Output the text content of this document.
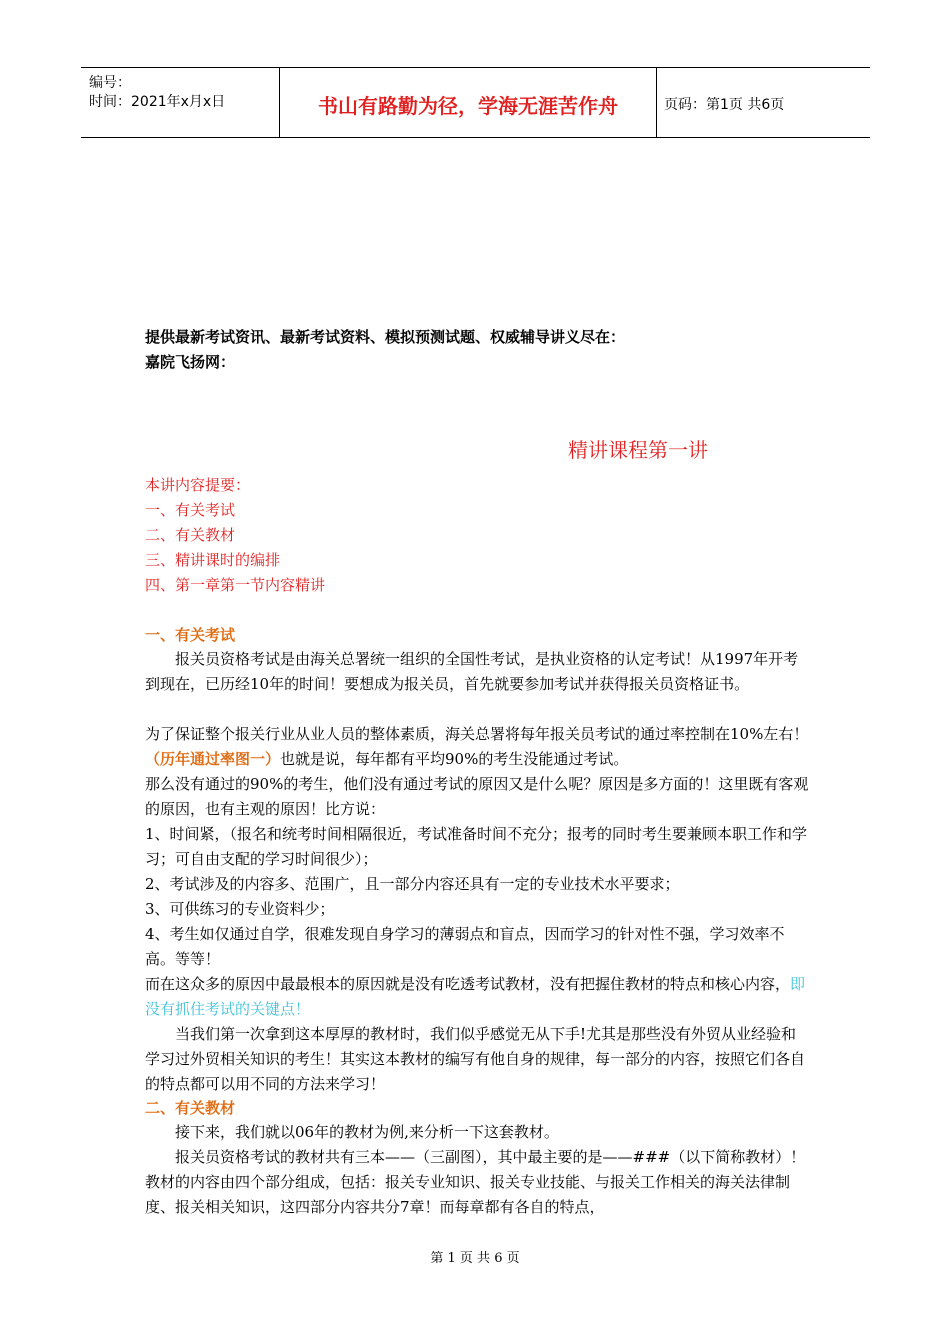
编号：
时间：2021年x月x日	书山有路勤为径，学海无涯苦作舟	页码：第1页 共6页
提供最新考试资讯、最新考试资料、模拟预测试题、权威辅导讲义尽在：
嘉院飞扬网：
精讲课程第一讲
本讲内容提要：
一、有关考试
二、有关教材
三、精讲课时的编排
四、第一章第一节内容精讲
一、有关考试
报关员资格考试是由海关总署统一组织的全国性考试，是执业资格的认定考试！从1997年开考到现在，已历经10年的时间！要想成为报关员，首先就要参加考试并获得报关员资格证书。
为了保证整个报关行业从业人员的整体素质，海关总署将每年报关员考试的通过率控制在10%左右！（历年通过率图一）也就是说，每年都有平均90%的考生没能通过考试。
那么没有通过的90%的考生，他们没有通过考试的原因又是什么呢？原因是多方面的！这里既有客观的原因，也有主观的原因！比方说：
1、时间紧，（报名和统考时间相隔很近，考试准备时间不充分；报考的同时考生要兼顾本职工作和学习；可自由支配的学习时间很少）；
2、考试涉及的内容多、范围广，且一部分内容还具有一定的专业技术水平要求；
3、可供练习的专业资料少；
4、考生如仅通过自学，很难发现自身学习的薄弱点和盲点，因而学习的针对性不强，学习效率不高。等等！
而在这众多的原因中最最根本的原因就是没有吃透考试教材，没有把握住教材的特点和核心内容，即没有抓住考试的关键点！
当我们第一次拿到这本厚厚的教材时，我们似乎感觉无从下手!尤其是那些没有外贸从业经验和学习过外贸相关知识的考生！其实这本教材的编写有他自身的规律，每一部分的内容，按照它们各自的特点都可以用不同的方法来学习！
二、有关教材
接下来，我们就以06年的教材为例,来分析一下这套教材。
报关员资格考试的教材共有三本——（三副图），其中最主要的是——###（以下简称教材）！教材的内容由四个部分组成，包括：报关专业知识、报关专业技能、与报关工作相关的海关法律制度、报关相关知识，这四部分内容共分7章！而每章都有各自的特点，
第 1 页 共 6 页
